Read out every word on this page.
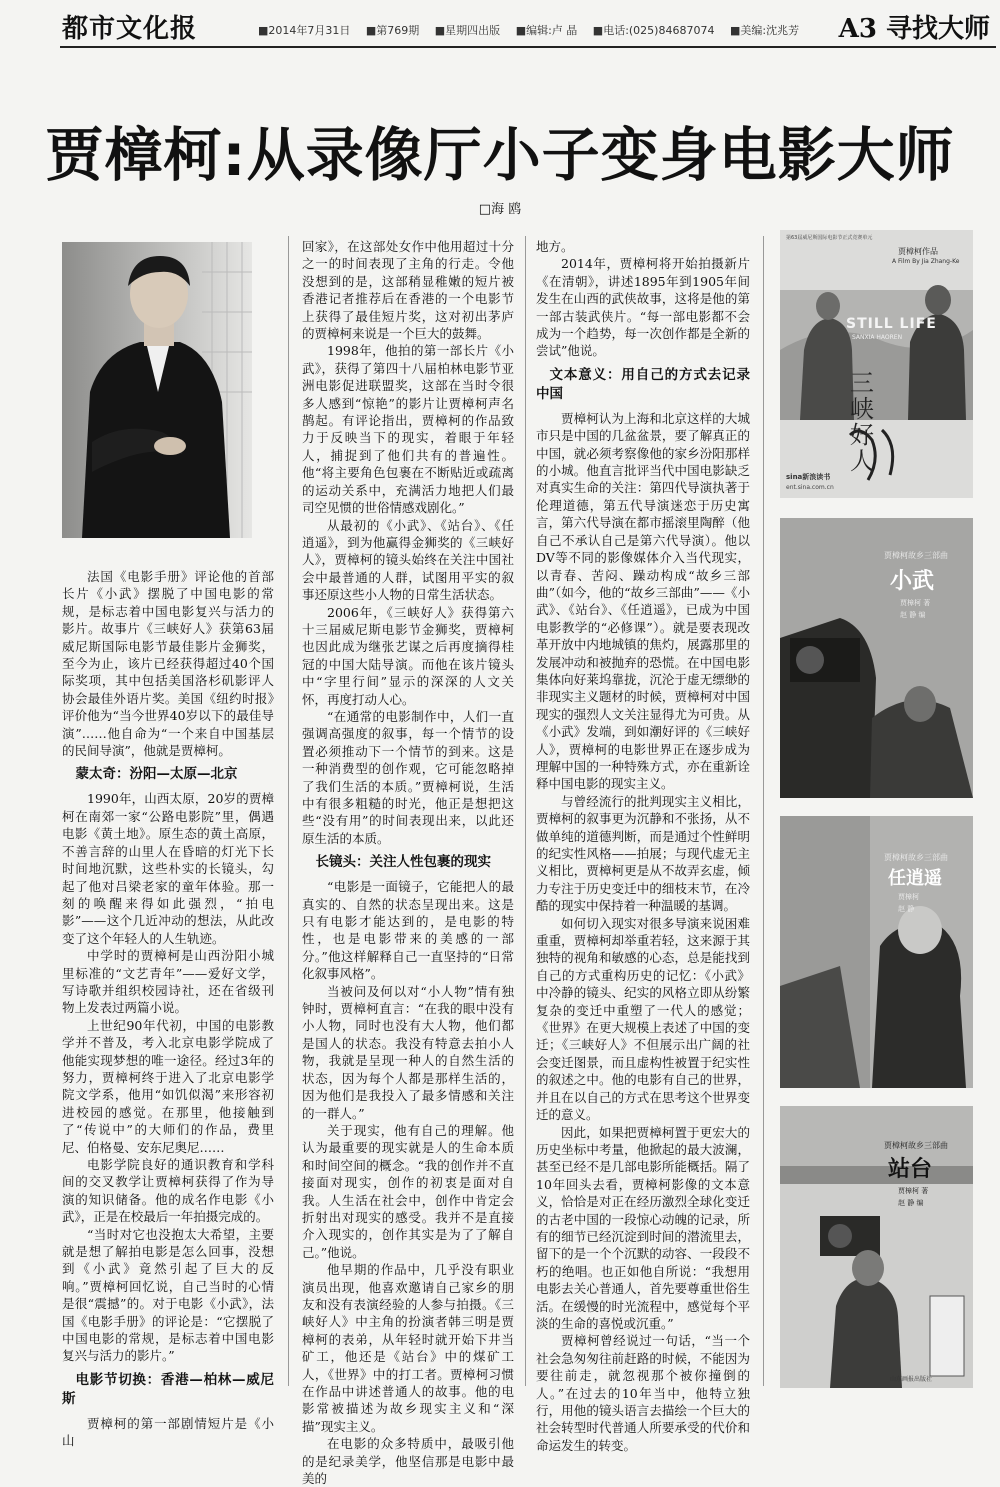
都市文化报	■2014年7月31日 ■第769期 ■星期四出版 ■编辑:卢 晶 ■电话:(025)84687074 ■美编:沈兆芳	A3 寻找大师
贾樟柯:从录像厅小子变身电影大师
□海 鸥

法国《电影手册》评论他的首部长片《小武》摆脱了中国电影的常规，是标志着中国电影复兴与活力的影片。故事片《三峡好人》获第63届威尼斯国际电影节最佳影片金狮奖，至今为止，该片已经获得超过40个国际奖项，其中包括美国洛杉矶影评人协会最佳外语片奖。美国《纽约时报》评价他为“当今世界40岁以下的最佳导演”……他自命为“一个来自中国基层的民间导演”，他就是贾樟柯。

蒙太奇：汾阳—太原—北京

1990年，山西太原，20岁的贾樟柯在南郊一家“公路电影院”里，偶遇电影《黄土地》。原生态的黄土高原，不善言辞的山里人在昏暗的灯光下长时间地沉默，这些朴实的长镜头，勾起了他对吕梁老家的童年体验。那一刻的唤醒来得如此强烈，“拍电影”——这个几近冲动的想法，从此改变了这个年轻人的人生轨迹。

中学时的贾樟柯是山西汾阳小城里标准的“文艺青年”——爱好文学，写诗歌并组织校园诗社，还在省级刊物上发表过两篇小说。

上世纪90年代初，中国的电影教学并不普及，考入北京电影学院成了他能实现梦想的唯一途径。经过3年的努力，贾樟柯终于进入了北京电影学院文学系，他用“如饥似渴”来形容初进校园的感觉。在那里，他接触到了“传说中”的大师们的作品，费里尼、伯格曼、安东尼奥尼……

电影学院良好的通识教育和学科间的交叉教学让贾樟柯获得了作为导演的知识储备。他的成名作电影《小武》，正是在校最后一年拍摄完成的。

“当时对它也没抱太大希望，主要就是想了解拍电影是怎么回事，没想到《小武》竟然引起了巨大的反响。”贾樟柯回忆说，自己当时的心情是很“震撼”的。对于电影《小武》，法国《电影手册》的评论是：“它摆脱了中国电影的常规，是标志着中国电影复兴与活力的影片。”

电影节切换：香港—柏林—威尼斯

贾樟柯的第一部剧情短片是《小山

回家》，在这部处女作中他用超过十分之一的时间表现了主角的行走。令他没想到的是，这部稍显稚嫩的短片被香港记者推荐后在香港的一个电影节上获得了最佳短片奖，这对初出茅庐的贾樟柯来说是一个巨大的鼓舞。

1998年，他拍的第一部长片《小武》，获得了第四十八届柏林电影节亚洲电影促进联盟奖，这部在当时令很多人感到“惊艳”的影片让贾樟柯声名鹊起。有评论指出，贾樟柯的作品致力于反映当下的现实，着眼于年轻人，捕捉到了他们共有的普遍性。他“将主要角色包裹在不断贴近或疏离的运动关系中，充满活力地把人们最司空见惯的世俗情感戏剧化。”

从最初的《小武》、《站台》、《任逍遥》，到为他赢得金狮奖的《三峡好人》，贾樟柯的镜头始终在关注中国社会中最普通的人群，试图用平实的叙事还原这些小人物的日常生活状态。

2006年，《三峡好人》获得第六十三届威尼斯电影节金狮奖，贾樟柯也因此成为继张艺谋之后再度摘得桂冠的中国大陆导演。而他在该片镜头中“字里行间”显示的深深的人文关怀，再度打动人心。

“在通常的电影制作中，人们一直强调高强度的叙事，每一个情节的设置必须推动下一个情节的到来。这是一种消费型的创作观，它可能忽略掉了我们生活的本质。”贾樟柯说，生活中有很多粗糙的时光，他正是想把这些“没有用”的时间表现出来，以此还原生活的本质。

长镜头：关注人性包裹的现实

“电影是一面镜子，它能把人的最真实的、自然的状态呈现出来。这是只有电影才能达到的，是电影的特性，也是电影带来的美感的一部分。”他这样解释自己一直坚持的“日常化叙事风格”。

当被问及何以对“小人物”情有独钟时，贾樟柯直言：“在我的眼中没有小人物，同时也没有大人物，他们都是国人的状态。我没有特意去拍小人物，我就是呈现一种人的自然生活的状态，因为每个人都是那样生活的，因为他们是我投入了最多情感和关注的一群人。”

关于现实，他有自己的理解。他认为最重要的现实就是人的生命本质和时间空间的概念。“我的创作并不直接面对现实，创作的初衷是面对自我。人生活在社会中，创作中肯定会折射出对现实的感受。我并不是直接介入现实的，创作其实是为了了解自己。”他说。

他早期的作品中，几乎没有职业演员出现，他喜欢邀请自己家乡的朋友和没有表演经验的人参与拍摄。《三峡好人》中主角的扮演者韩三明是贾樟柯的表弟，从年轻时就开始下井当矿工，他还是《站台》中的煤矿工人，《世界》中的打工者。贾樟柯习惯在作品中讲述普通人的故事。他的电影常被描述为故乡现实主义和“深描”现实主义。

在电影的众多特质中，最吸引他的是纪录美学，他坚信那是电影中最美的

地方。

2014年，贾樟柯将开始拍摄新片《在清朝》，讲述1895年到1905年间发生在山西的武侠故事，这将是他的第一部古装武侠片。“每一部电影都不会成为一个趋势，每一次创作都是全新的尝试”他说。

文本意义：用自己的方式去记录中国

贾樟柯认为上海和北京这样的大城市只是中国的几盆盆景，要了解真正的中国，就必须考察像他的家乡汾阳那样的小城。他直言批评当代中国电影缺乏对真实生命的关注：第四代导演执著于伦理道德，第五代导演迷恋于历史寓言，第六代导演在都市摇滚里陶醉（他自己不承认自己是第六代导演）。他以DV等不同的影像媒体介入当代现实，以青春、苦闷、躁动构成“故乡三部曲”（如今，他的“故乡三部曲”——《小武》、《站台》、《任逍遥》，已成为中国电影教学的“必修课”）。就是要表现改革开放中内地城镇的焦灼，展露那里的发展冲动和被抛弃的恐慌。在中国电影集体向好莱坞靠拢，沉沦于虚无缥缈的非现实主义题材的时候，贾樟柯对中国现实的强烈人文关注显得尤为可贵。从《小武》发端，到如潮好评的《三峡好人》，贾樟柯的电影世界正在逐步成为理解中国的一种特殊方式，亦在重新诠释中国电影的现实主义。

与曾经流行的批判现实主义相比，贾樟柯的叙事更为沉静和不张扬，从不做单纯的道德判断，而是通过个性鲜明的纪实性风格——拍展；与现代虚无主义相比，贾樟柯更是从不故弄玄虚，倾力专注于历史变迁中的细枝末节，在冷酷的现实中保持着一种温暖的基调。

如何切入现实对很多导演来说困难重重，贾樟柯却举重若轻，这来源于其独特的视角和敏感的心态，总是能找到自己的方式重构历史的记忆：《小武》中冷静的镜头、纪实的风格立即从纷繁复杂的变迁中重塑了一代人的感觉；《世界》在更大规模上表述了中国的变迁；《三峡好人》不但展示出广阔的社会变迁图景，而且虚构性被置于纪实性的叙述之中。他的电影有自己的世界，并且在以自己的方式在思考这个世界变迁的意义。

因此，如果把贾樟柯置于更宏大的历史坐标中考量，他掀起的最大波澜，甚至已经不是几部电影所能概括。隔了10年回头去看，贾樟柯影像的文本意义，恰恰是对正在经历激烈全球化变迁的古老中国的一段惊心动魄的记录，所有的细节已经沉淀到时间的潜流里去，留下的是一个个沉默的动容、一段段不朽的绝唱。也正如他自所说：“我想用电影去关心普通人，首先要尊重世俗生活。在缓慢的时光流程中，感觉每个平淡的生命的喜悦或沉重。”

贾樟柯曾经说过一句话，“当一个社会急匆匆往前赶路的时候，不能因为要往前走，就忽视那个被你撞倒的人。”在过去的10年当中，他特立独行，用他的镜头语言去描绘一个巨大的社会转型时代普通人所要承受的代价和命运发生的转变。

第63届威尼斯国际电影节正式竞赛单元
贾樟柯作品
A Film By Jia Zhang-Ke
STILL LIFE
SANXIA HAOREN
三峡好人
sina新浪读书
ent.sina.com.cn
贾樟柯故乡三部曲
小武
贾樟柯 著
赵 静 编
贾樟柯故乡三部曲
任逍遥
贾樟柯
赵 静
贾樟柯故乡三部曲
站台
贾樟柯 著
赵 静 编
山东画报出版社
